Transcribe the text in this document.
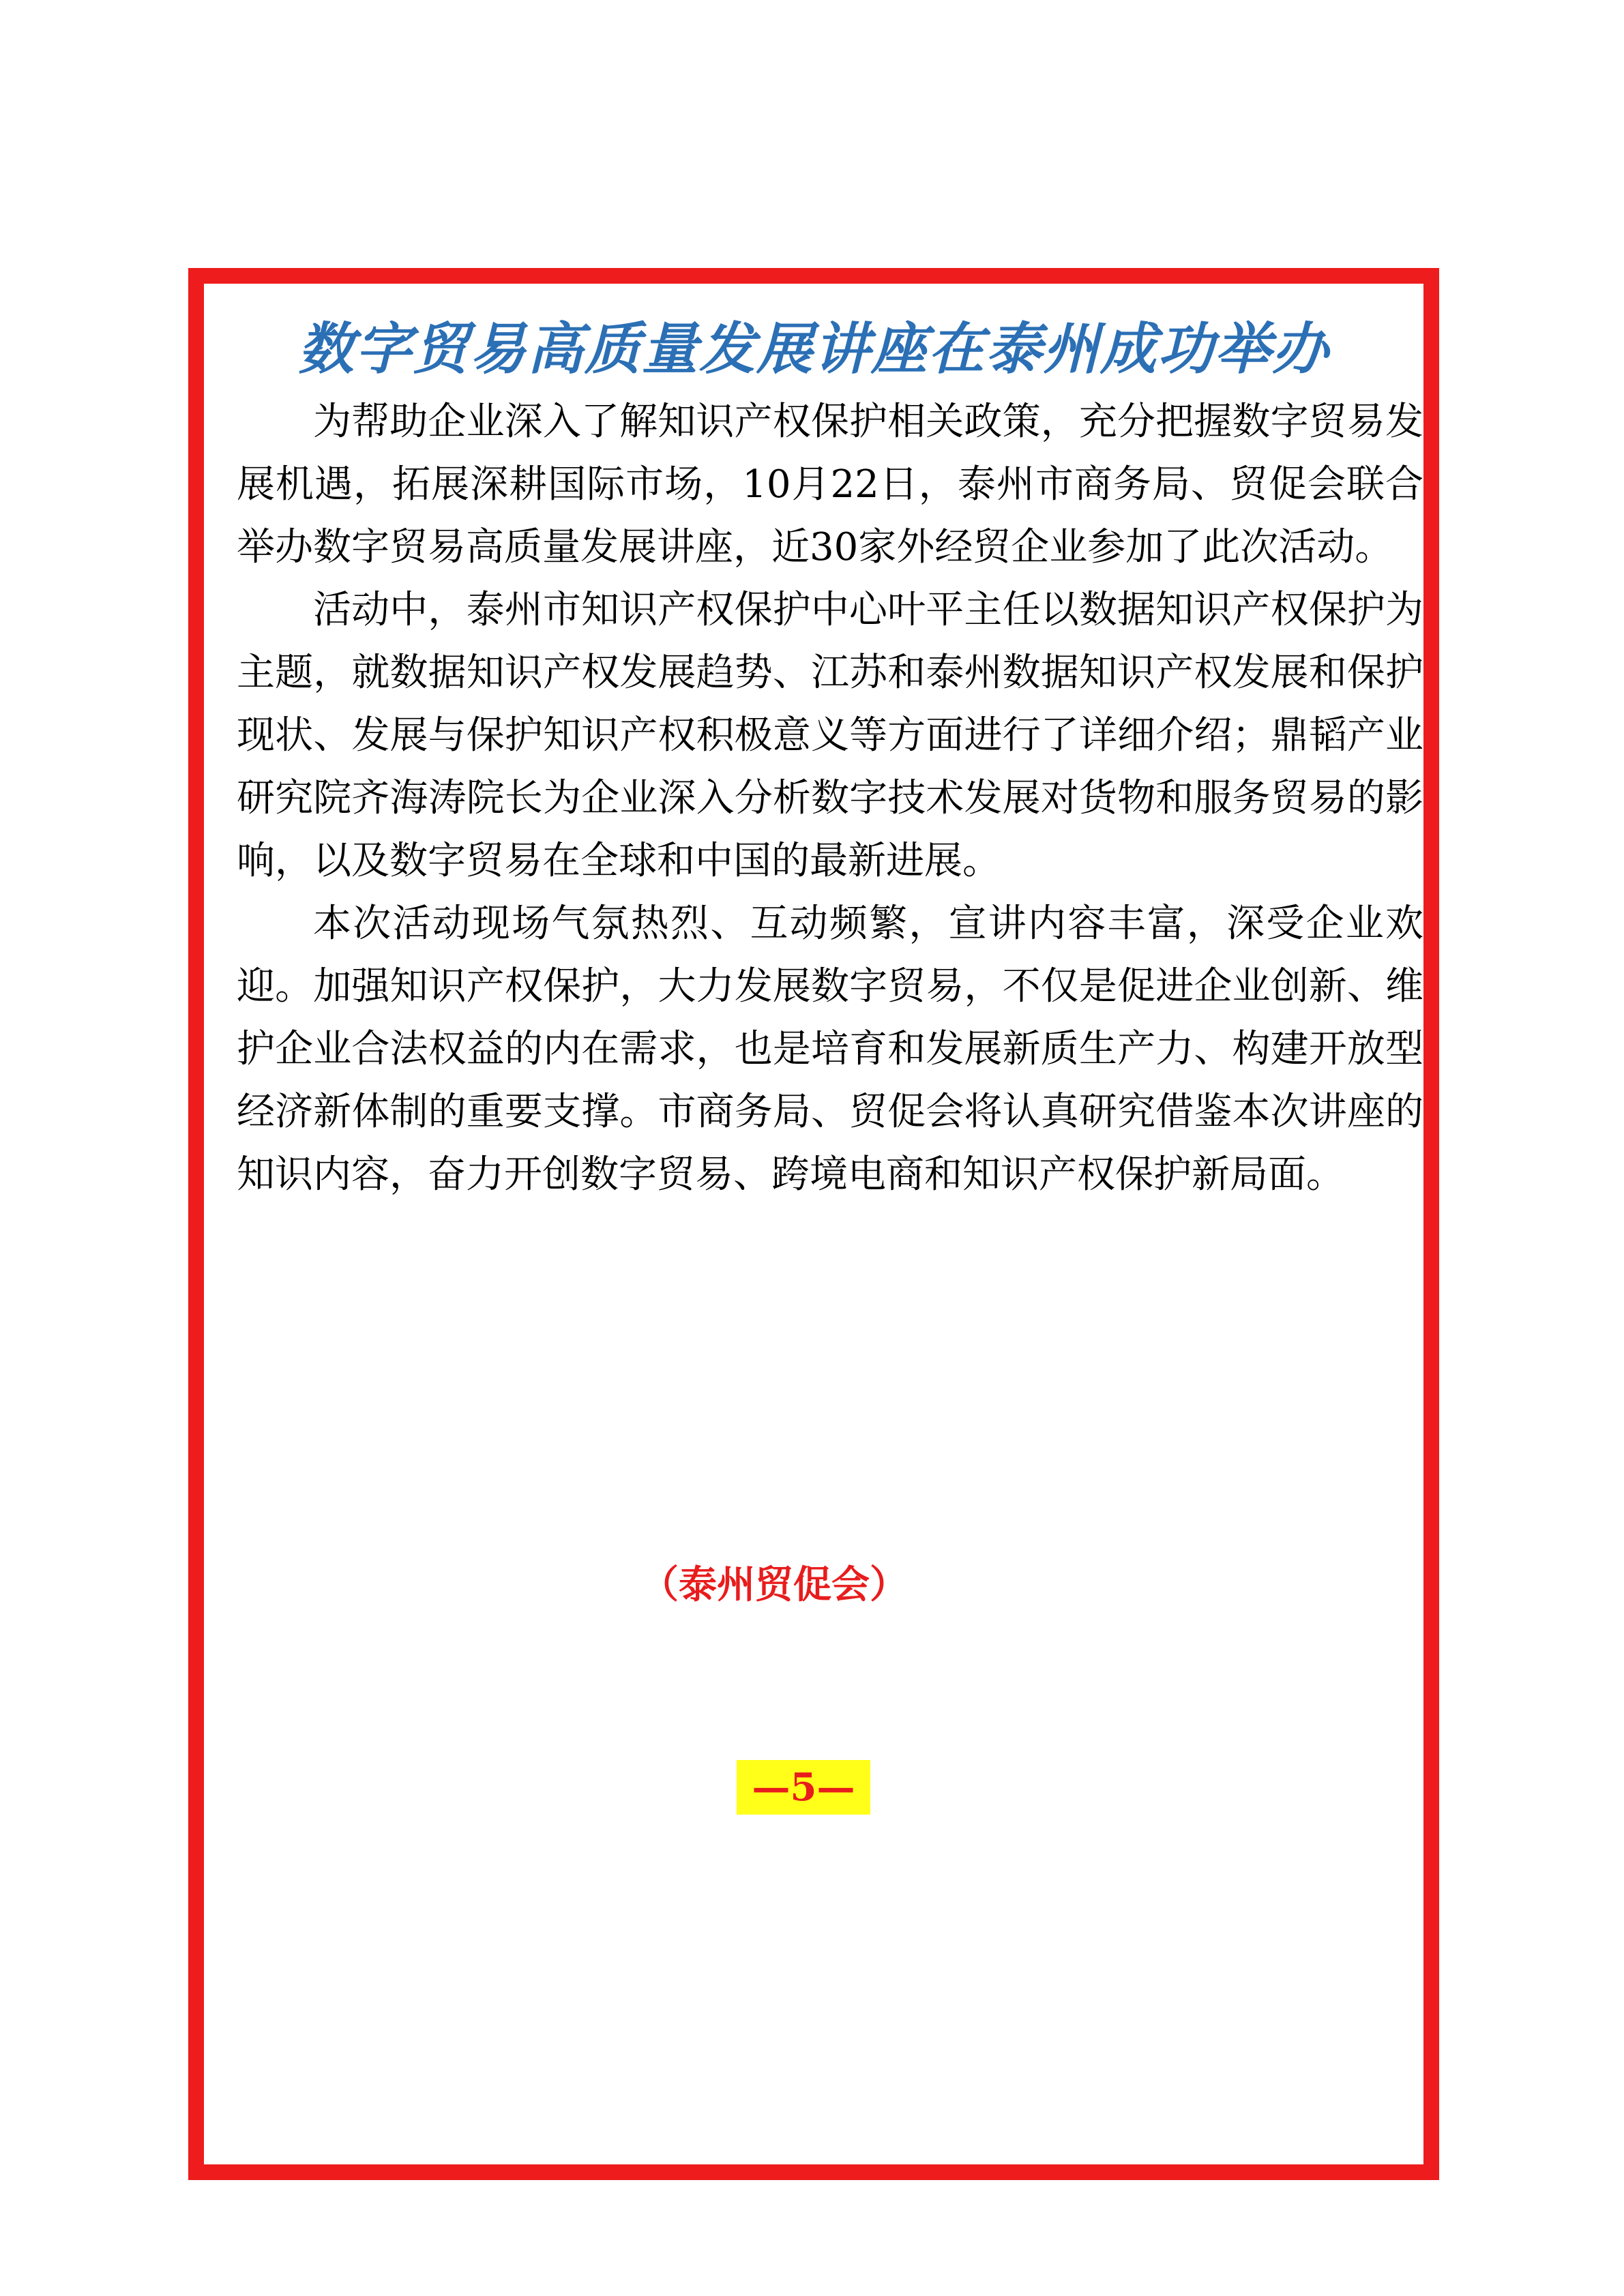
数字贸易高质量发展讲座在泰州成功举办

为帮助企业深入了解知识产权保护相关政策，充分把握数字贸易发展机遇，拓展深耕国际市场，10月22日，泰州市商务局、贸促会联合举办数字贸易高质量发展讲座，近30家外经贸企业参加了此次活动。

活动中，泰州市知识产权保护中心叶平主任以数据知识产权保护为主题，就数据知识产权发展趋势、江苏和泰州数据知识产权发展和保护现状、发展与保护知识产权积极意义等方面进行了详细介绍；鼎韬产业研究院齐海涛院长为企业深入分析数字技术发展对货物和服务贸易的影响，以及数字贸易在全球和中国的最新进展。

本次活动现场气氛热烈、互动频繁，宣讲内容丰富，深受企业欢迎。加强知识产权保护，大力发展数字贸易，不仅是促进企业创新、维护企业合法权益的内在需求，也是培育和发展新质生产力、构建开放型经济新体制的重要支撑。市商务局、贸促会将认真研究借鉴本次讲座的知识内容，奋力开创数字贸易、跨境电商和知识产权保护新局面。

（泰州贸促会）
—5—
